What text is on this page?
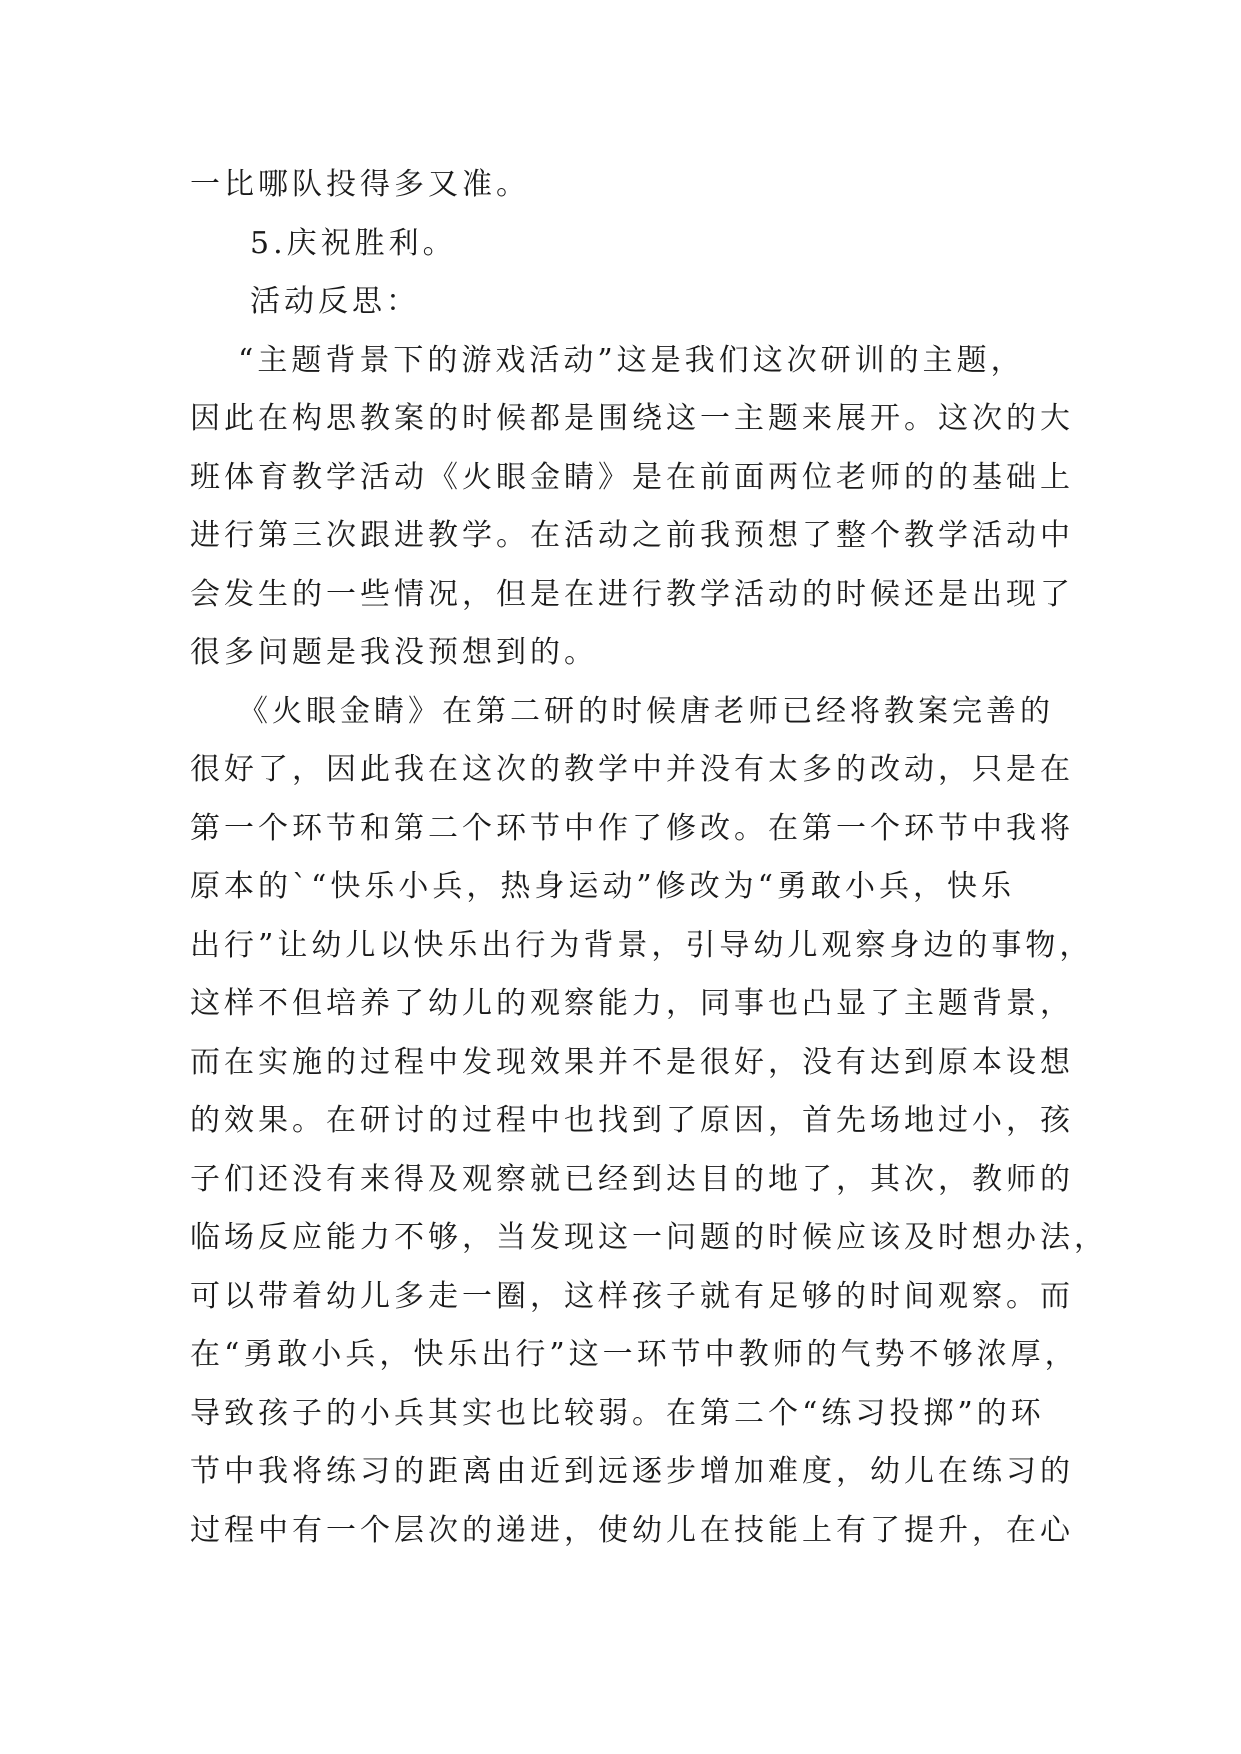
一比哪队投得多又准。
5.庆祝胜利。
活动反思：
“主题背景下的游戏活动”这是我们这次研训的主题，
因此在构思教案的时候都是围绕这一主题来展开。这次的大
班体育教学活动《火眼金睛》是在前面两位老师的的基础上
进行第三次跟进教学。在活动之前我预想了整个教学活动中
会发生的一些情况，但是在进行教学活动的时候还是出现了
很多问题是我没预想到的。
《火眼金睛》在第二研的时候唐老师已经将教案完善的
很好了，因此我在这次的教学中并没有太多的改动，只是在
第一个环节和第二个环节中作了修改。在第一个环节中我将
原本的`“快乐小兵，热身运动”修改为“勇敢小兵，快乐
出行”让幼儿以快乐出行为背景，引导幼儿观察身边的事物，
这样不但培养了幼儿的观察能力，同事也凸显了主题背景，
而在实施的过程中发现效果并不是很好，没有达到原本设想
的效果。在研讨的过程中也找到了原因，首先场地过小，孩
子们还没有来得及观察就已经到达目的地了，其次，教师的
临场反应能力不够，当发现这一问题的时候应该及时想办法，
可以带着幼儿多走一圈，这样孩子就有足够的时间观察。而
在“勇敢小兵，快乐出行”这一环节中教师的气势不够浓厚，
导致孩子的小兵其实也比较弱。在第二个“练习投掷”的环
节中我将练习的距离由近到远逐步增加难度，幼儿在练习的
过程中有一个层次的递进，使幼儿在技能上有了提升，在心
